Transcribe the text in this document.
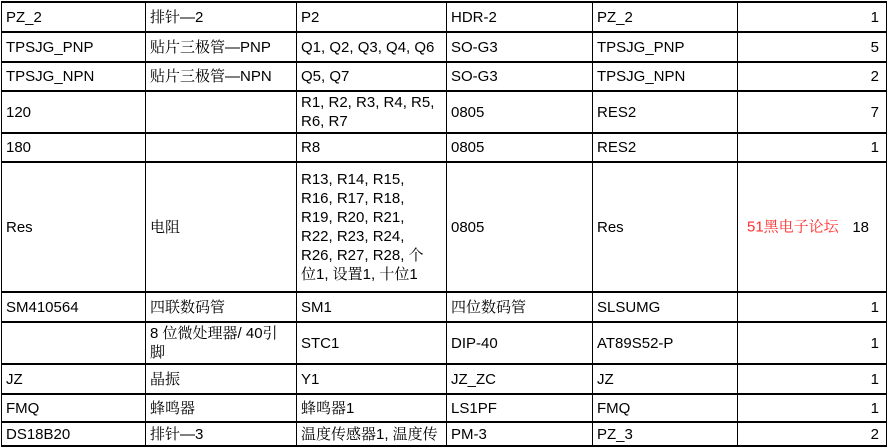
PZ_2	排针—2	P2	HDR-2	PZ_2	1
TPSJG_PNP	贴片三极管—PNP	Q1, Q2, Q3, Q4, Q6	SO-G3	TPSJG_PNP	5
TPSJG_NPN	贴片三极管—NPN	Q5, Q7	SO-G3	TPSJG_NPN	2
120		R1, R2, R3, R4, R5, R6, R7	0805	RES2	7
180		R8	0805	RES2	1
Res	电阻	R13, R14, R15, R16, R17, R18, R19, R20, R21, R22, R23, R24, R26, R27, R28, 个位1, 设置1, 十位1	0805	Res	51黑电子论坛 18
SM410564	四联数码管	SM1	四位数码管	SLSUMG	1
	8 位微处理器/ 40引脚	STC1	DIP-40	AT89S52-P	1
JZ	晶振	Y1	JZ_ZC	JZ	1
FMQ	蜂鸣器	蜂鸣器1	LS1PF	FMQ	1
DS18B20	排针—3	温度传感器1, 温度传	PM-3	PZ_3	2
